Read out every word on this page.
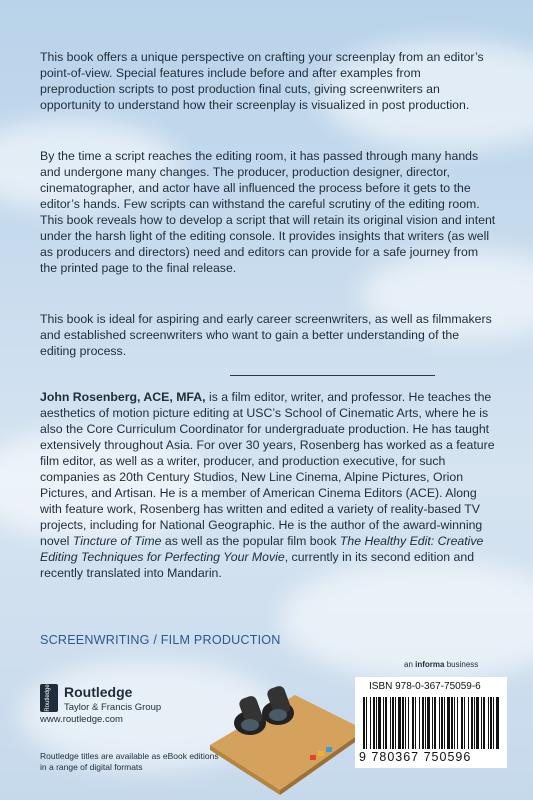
This book offers a unique perspective on crafting your screenplay from an editor’s point-of-view. Special features include before and after examples from preproduction scripts to post production final cuts, giving screenwriters an opportunity to understand how their screenplay is visualized in post production.

By the time a script reaches the editing room, it has passed through many hands and undergone many changes. The producer, production designer, director, cinematographer, and actor have all influenced the process before it gets to the editor’s hands. Few scripts can withstand the careful scrutiny of the editing room. This book reveals how to develop a script that will retain its original vision and intent under the harsh light of the editing console. It provides insights that writers (as well as producers and directors) need and editors can provide for a safe journey from the printed page to the final release.

This book is ideal for aspiring and early career screenwriters, as well as filmmakers and established screenwriters who want to gain a better understanding of the editing process.

John Rosenberg, ACE, MFA, is a film editor, writer, and professor. He teaches the aesthetics of motion picture editing at USC’s School of Cinematic Arts, where he is also the Core Curriculum Coordinator for undergraduate production. He has taught extensively throughout Asia. For over 30 years, Rosenberg has worked as a feature film editor, as well as a writer, producer, and production executive, for such companies as 20th Century Studios, New Line Cinema, Alpine Pictures, Orion Pictures, and Artisan. He is a member of American Cinema Editors (ACE). Along with feature work, Rosenberg has written and edited a variety of reality-based TV projects, including for National Geographic. He is the author of the award-winning novel Tincture of Time as well as the popular film book The Healthy Edit: Creative Editing Techniques for Perfecting Your Movie, currently in its second edition and recently translated into Mandarin.
SCREENWRITING / FILM PRODUCTION
Routledge Routledge
Taylor & Francis Group
www.routledge.com
Routledge titles are available as eBook editions in a range of digital formats
an informa business
ISBN 978-0-367-75059-6
9 780367 750596
